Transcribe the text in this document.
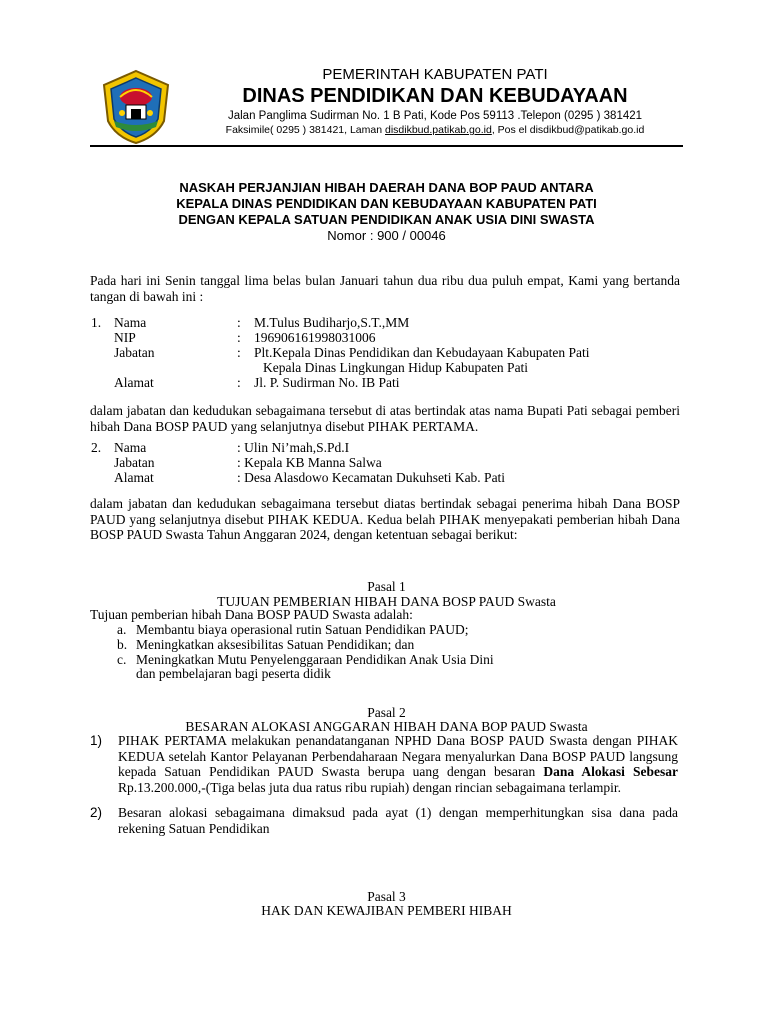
PEMERINTAH KABUPATEN PATI
DINAS PENDIDIKAN DAN KEBUDAYAAN
Jalan Panglima Sudirman No. 1 B Pati, Kode Pos 59113 .Telepon (0295 ) 381421
Faksimile( 0295 ) 381421, Laman disdikbud.patikab.go.id, Pos el disdikbud@patikab.go.id
NASKAH PERJANJIAN HIBAH DAERAH DANA BOP PAUD ANTARA
KEPALA DINAS PENDIDIKAN DAN KEBUDAYAAN KABUPATEN PATI
DENGAN KEPALA SATUAN PENDIDIKAN ANAK USIA DINI SWASTA
Nomor : 900 / 00046
Pada hari ini Senin tanggal lima belas bulan Januari tahun dua ribu dua puluh empat, Kami yang bertanda tangan di bawah ini :
1. Nama	: M.Tulus Budiharjo,S.T.,MM
NIP	: 196906161998031006
Jabatan	: Plt.Kepala Dinas Pendidikan dan Kebudayaan Kabupaten Pati
Kepala Dinas Lingkungan Hidup Kabupaten Pati
Alamat	: Jl. P. Sudirman No. IB Pati
dalam jabatan dan kedudukan sebagaimana tersebut di atas bertindak atas nama Bupati Pati sebagai pemberi hibah Dana BOSP PAUD yang selanjutnya disebut PIHAK PERTAMA.
2. Nama	: Ulin Ni’mah,S.Pd.I
Jabatan	: Kepala KB Manna Salwa
Alamat	: Desa Alasdowo Kecamatan Dukuhseti Kab. Pati
dalam jabatan dan kedudukan sebagaimana tersebut diatas bertindak sebagai penerima hibah Dana BOSP PAUD yang selanjutnya disebut PIHAK KEDUA. Kedua belah PIHAK menyepakati pemberian hibah Dana BOSP PAUD Swasta Tahun Anggaran 2024, dengan ketentuan sebagai berikut:
Pasal 1
TUJUAN PEMBERIAN HIBAH DANA BOSP PAUD Swasta
Tujuan pemberian hibah Dana BOSP PAUD Swasta adalah:
a. Membantu biaya operasional rutin Satuan Pendidikan PAUD;
b. Meningkatkan aksesibilitas Satuan Pendidikan; dan
c. Meningkatkan Mutu Penyelenggaraan Pendidikan Anak Usia Dini
dan pembelajaran bagi peserta didik
Pasal 2
BESARAN ALOKASI ANGGARAN HIBAH DANA BOP PAUD Swasta
1) PIHAK PERTAMA melakukan penandatanganan NPHD Dana BOSP PAUD Swasta dengan PIHAK KEDUA setelah Kantor Pelayanan Perbendaharaan Negara menyalurkan Dana BOSP PAUD langsung kepada Satuan Pendidikan PAUD Swasta berupa uang dengan besaran Dana Alokasi Sebesar Rp.13.200.000,-(Tiga belas juta dua ratus ribu rupiah) dengan rincian sebagaimana terlampir.
2) Besaran alokasi sebagaimana dimaksud pada ayat (1) dengan memperhitungkan sisa dana pada rekening Satuan Pendidikan
Pasal 3
HAK DAN KEWAJIBAN PEMBERI HIBAH
